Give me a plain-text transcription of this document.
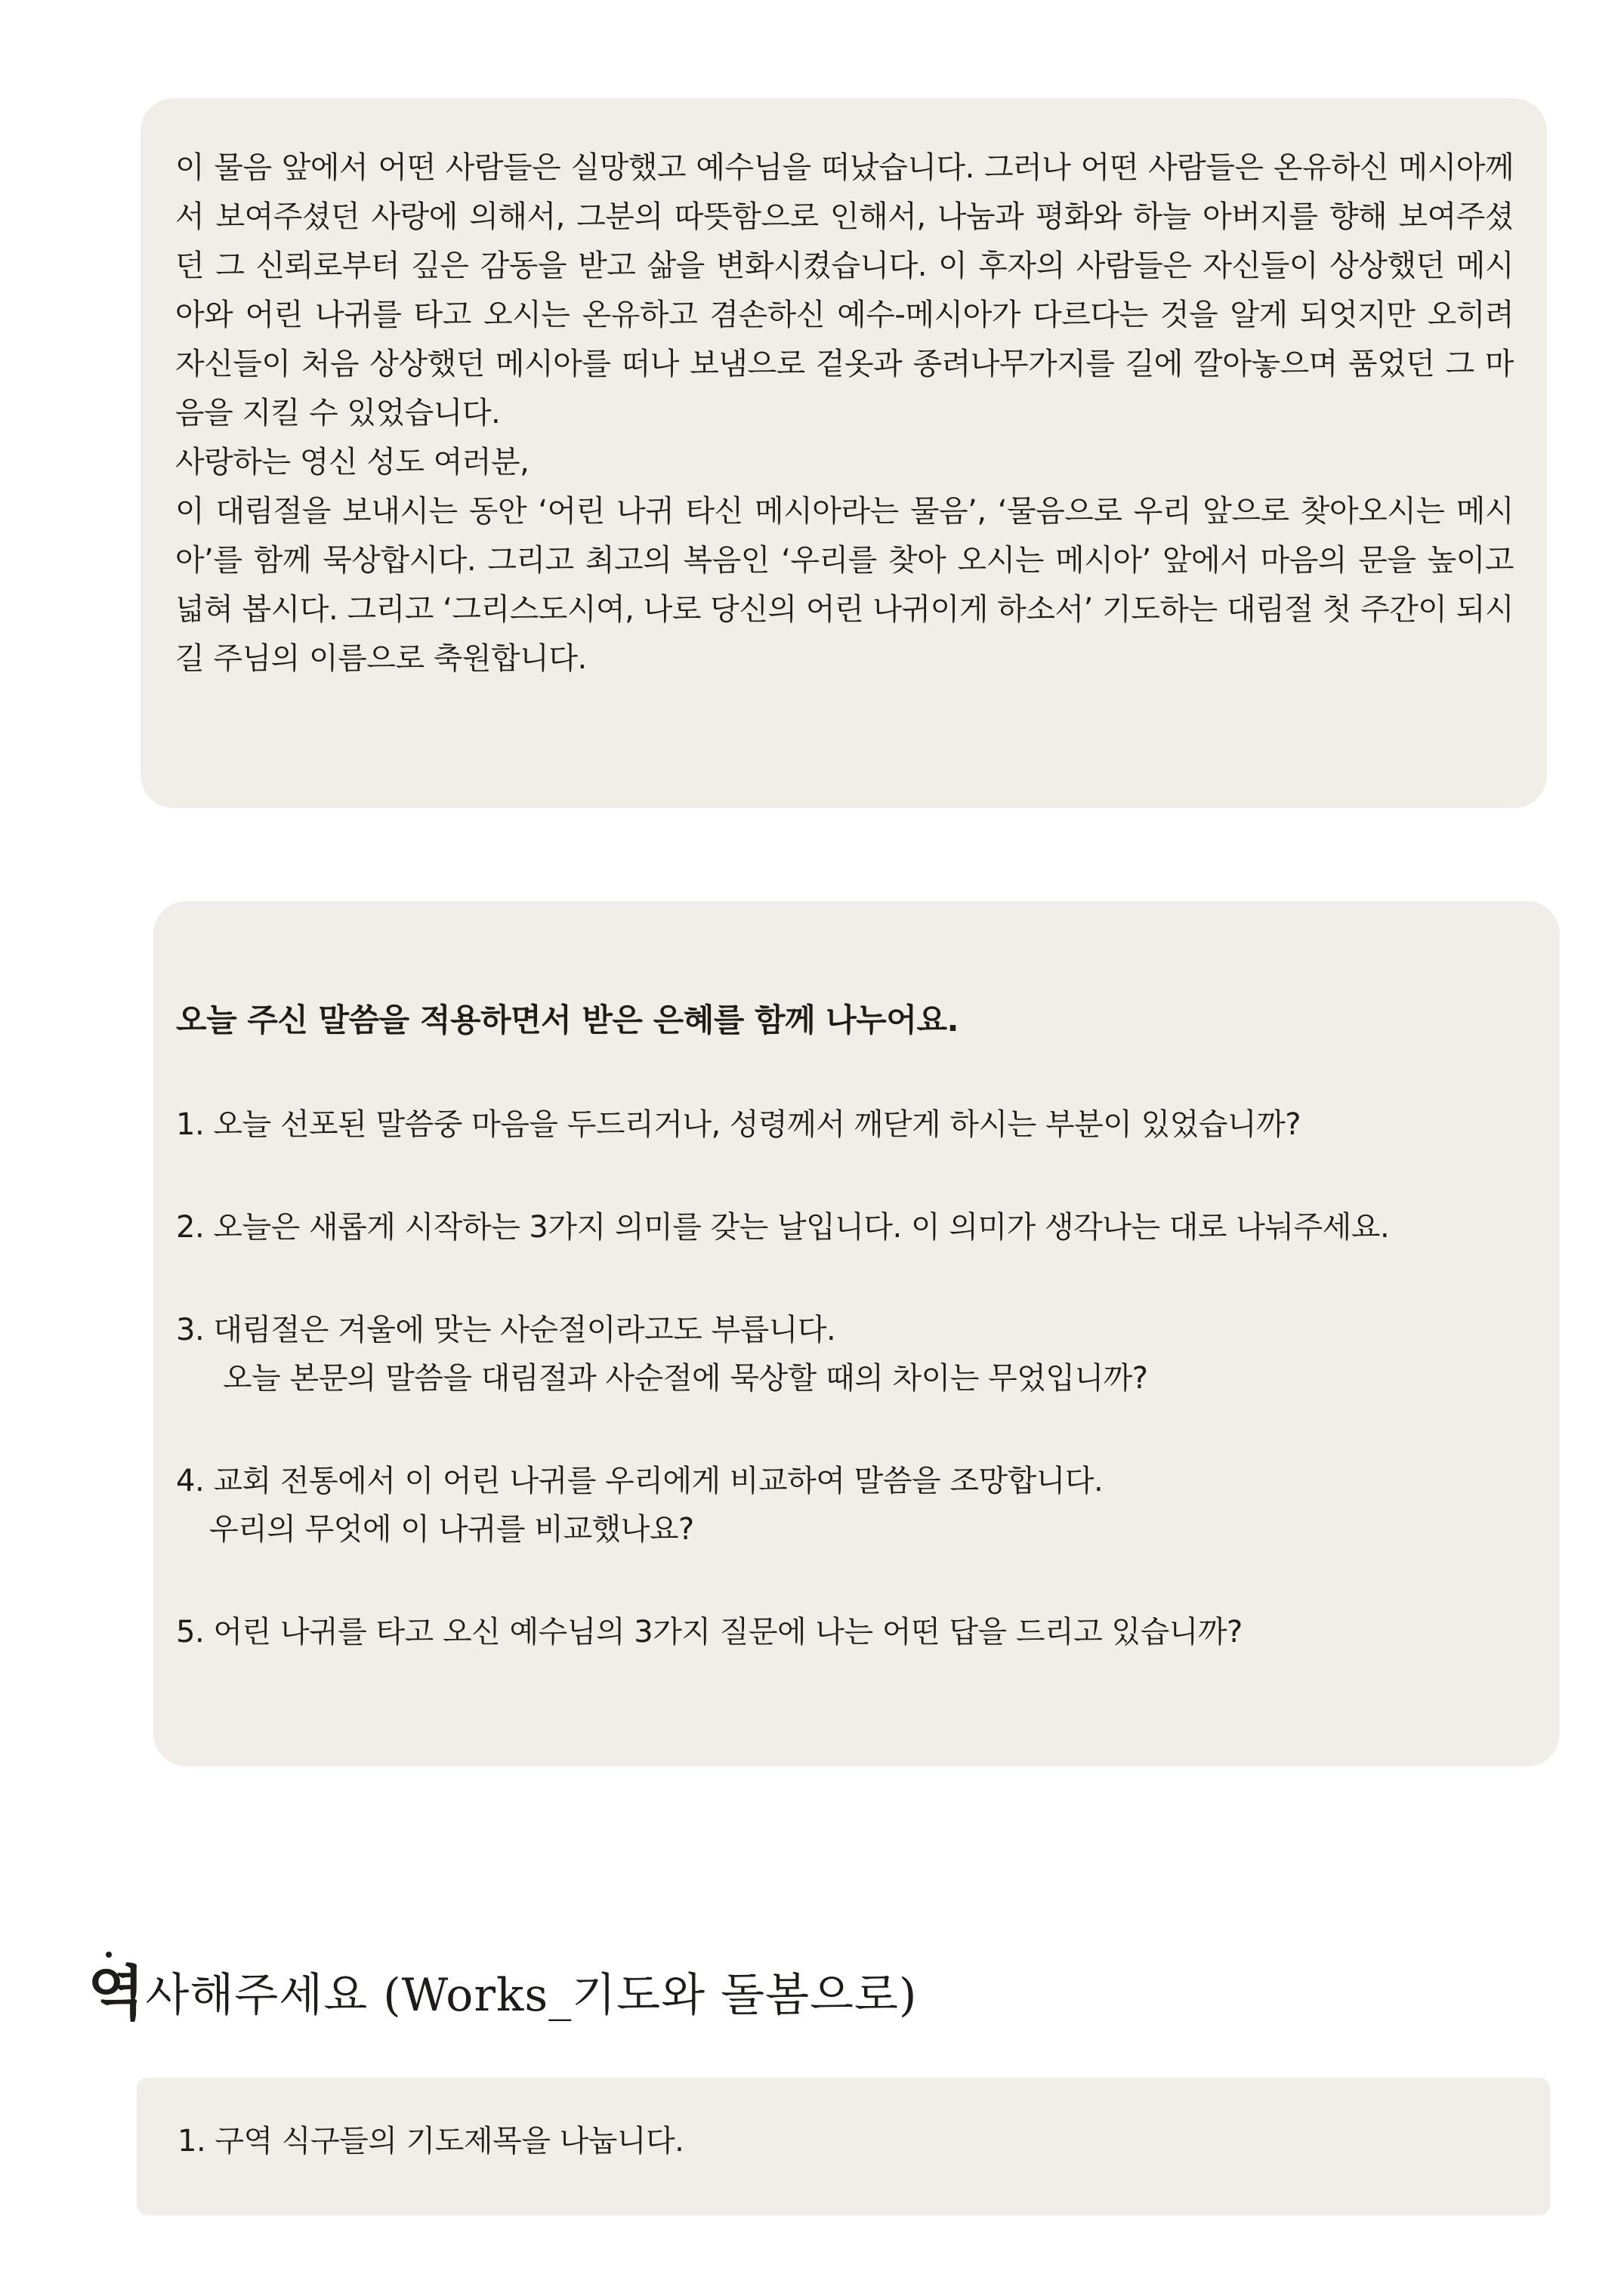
이 물음 앞에서 어떤 사람들은 실망했고 예수님을 떠났습니다. 그러나 어떤 사람들은 온유하신 메시아께서 보여주셨던 사랑에 의해서, 그분의 따뜻함으로 인해서, 나눔과 평화와 하늘 아버지를 향해 보여주셨던 그 신뢰로부터 깊은 감동을 받고 삶을 변화시켰습니다. 이 후자의 사람들은 자신들이 상상했던 메시아와 어린 나귀를 타고 오시는 온유하고 겸손하신 예수-메시아가 다르다는 것을 알게 되엇지만 오히려 자신들이 처음 상상했던 메시아를 떠나 보냄으로 겉옷과 종려나무가지를 길에 깔아놓으며 품었던 그 마음을 지킬 수 있었습니다.

사랑하는 영신 성도 여러분,

이 대림절을 보내시는 동안 ‘어린 나귀 타신 메시아라는 물음’, ‘물음으로 우리 앞으로 찾아오시는 메시아’를 함께 묵상합시다. 그리고 최고의 복음인 ‘우리를 찾아 오시는 메시아’ 앞에서 마음의 문을 높이고 넓혀 봅시다. 그리고 ‘그리스도시여, 나로 당신의 어린 나귀이게 하소서’ 기도하는 대림절 첫 주간이 되시길 주님의 이름으로 축원합니다.

오늘 주신 말씀을 적용하면서 받은 은혜를 함께 나누어요.

1. 오늘 선포된 말씀중 마음을 두드리거나, 성령께서 깨닫게 하시는 부분이 있었습니까?

2. 오늘은 새롭게 시작하는 3가지 의미를 갖는 날입니다. 이 의미가 생각나는 대로 나눠주세요.

3. 대림절은 겨울에 맞는 사순절이라고도 부릅니다.
오늘 본문의 말씀을 대림절과 사순절에 묵상할 때의 차이는 무었입니까?

4. 교회 전통에서 이 어린 나귀를 우리에게 비교하여 말씀을 조망합니다.
우리의 무엇에 이 나귀를 비교했나요?

5. 어린 나귀를 타고 오신 예수님의 3가지 질문에 나는 어떤 답을 드리고 있습니까?

역사해주세요 (Works_기도와 돌봄으로)

1. 구역 식구들의 기도제목을 나눕니다.
